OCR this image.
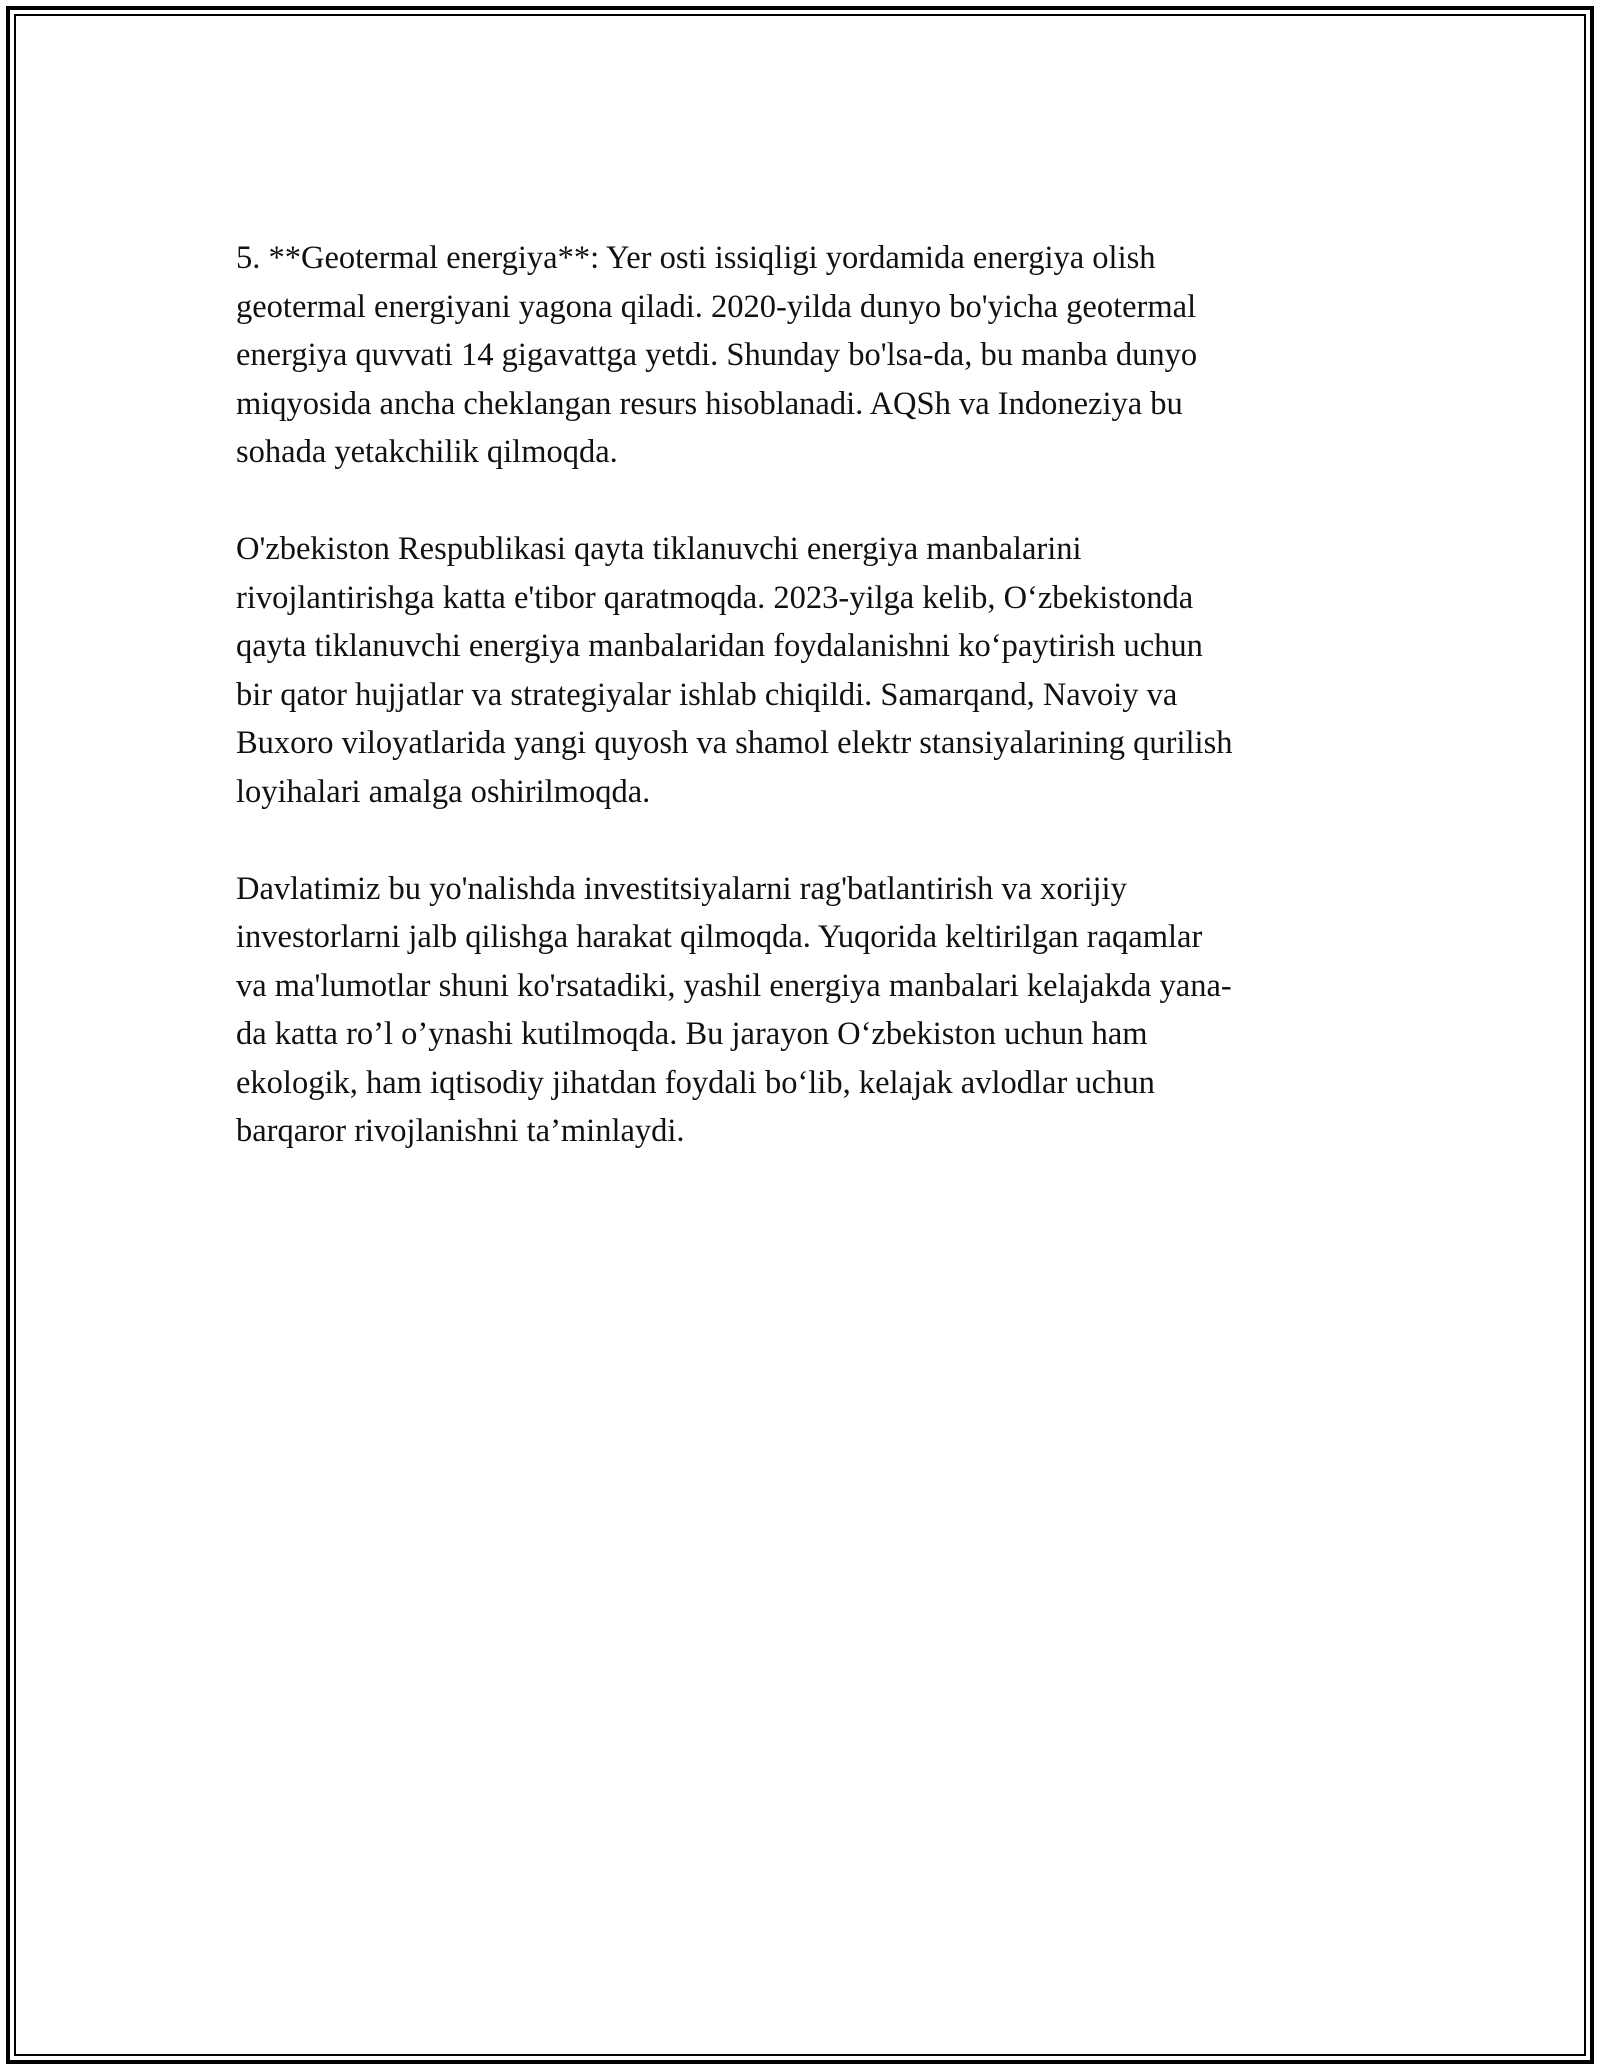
5. **Geotermal energiya**: Yer osti issiqligi yordamida energiya olish
geotermal energiyani yagona qiladi. 2020-yilda dunyo bo'yicha geotermal
energiya quvvati 14 gigavattga yetdi. Shunday bo'lsa-da, bu manba dunyo
miqyosida ancha cheklangan resurs hisoblanadi. AQSh va Indoneziya bu
sohada yetakchilik qilmoqda.

O'zbekiston Respublikasi qayta tiklanuvchi energiya manbalarini
rivojlantirishga katta e'tibor qaratmoqda. 2023-yilga kelib, O‘zbekistonda
qayta tiklanuvchi energiya manbalaridan foydalanishni ko‘paytirish uchun
bir qator hujjatlar va strategiyalar ishlab chiqildi. Samarqand, Navoiy va
Buxoro viloyatlarida yangi quyosh va shamol elektr stansiyalarining qurilish
loyihalari amalga oshirilmoqda.

Davlatimiz bu yo'nalishda investitsiyalarni rag'batlantirish va xorijiy
investorlarni jalb qilishga harakat qilmoqda. Yuqorida keltirilgan raqamlar
va ma'lumotlar shuni ko'rsatadiki, yashil energiya manbalari kelajakda yana-
da katta ro’l o’ynashi kutilmoqda. Bu jarayon O‘zbekiston uchun ham
ekologik, ham iqtisodiy jihatdan foydali bo‘lib, kelajak avlodlar uchun
barqaror rivojlanishni ta’minlaydi.
